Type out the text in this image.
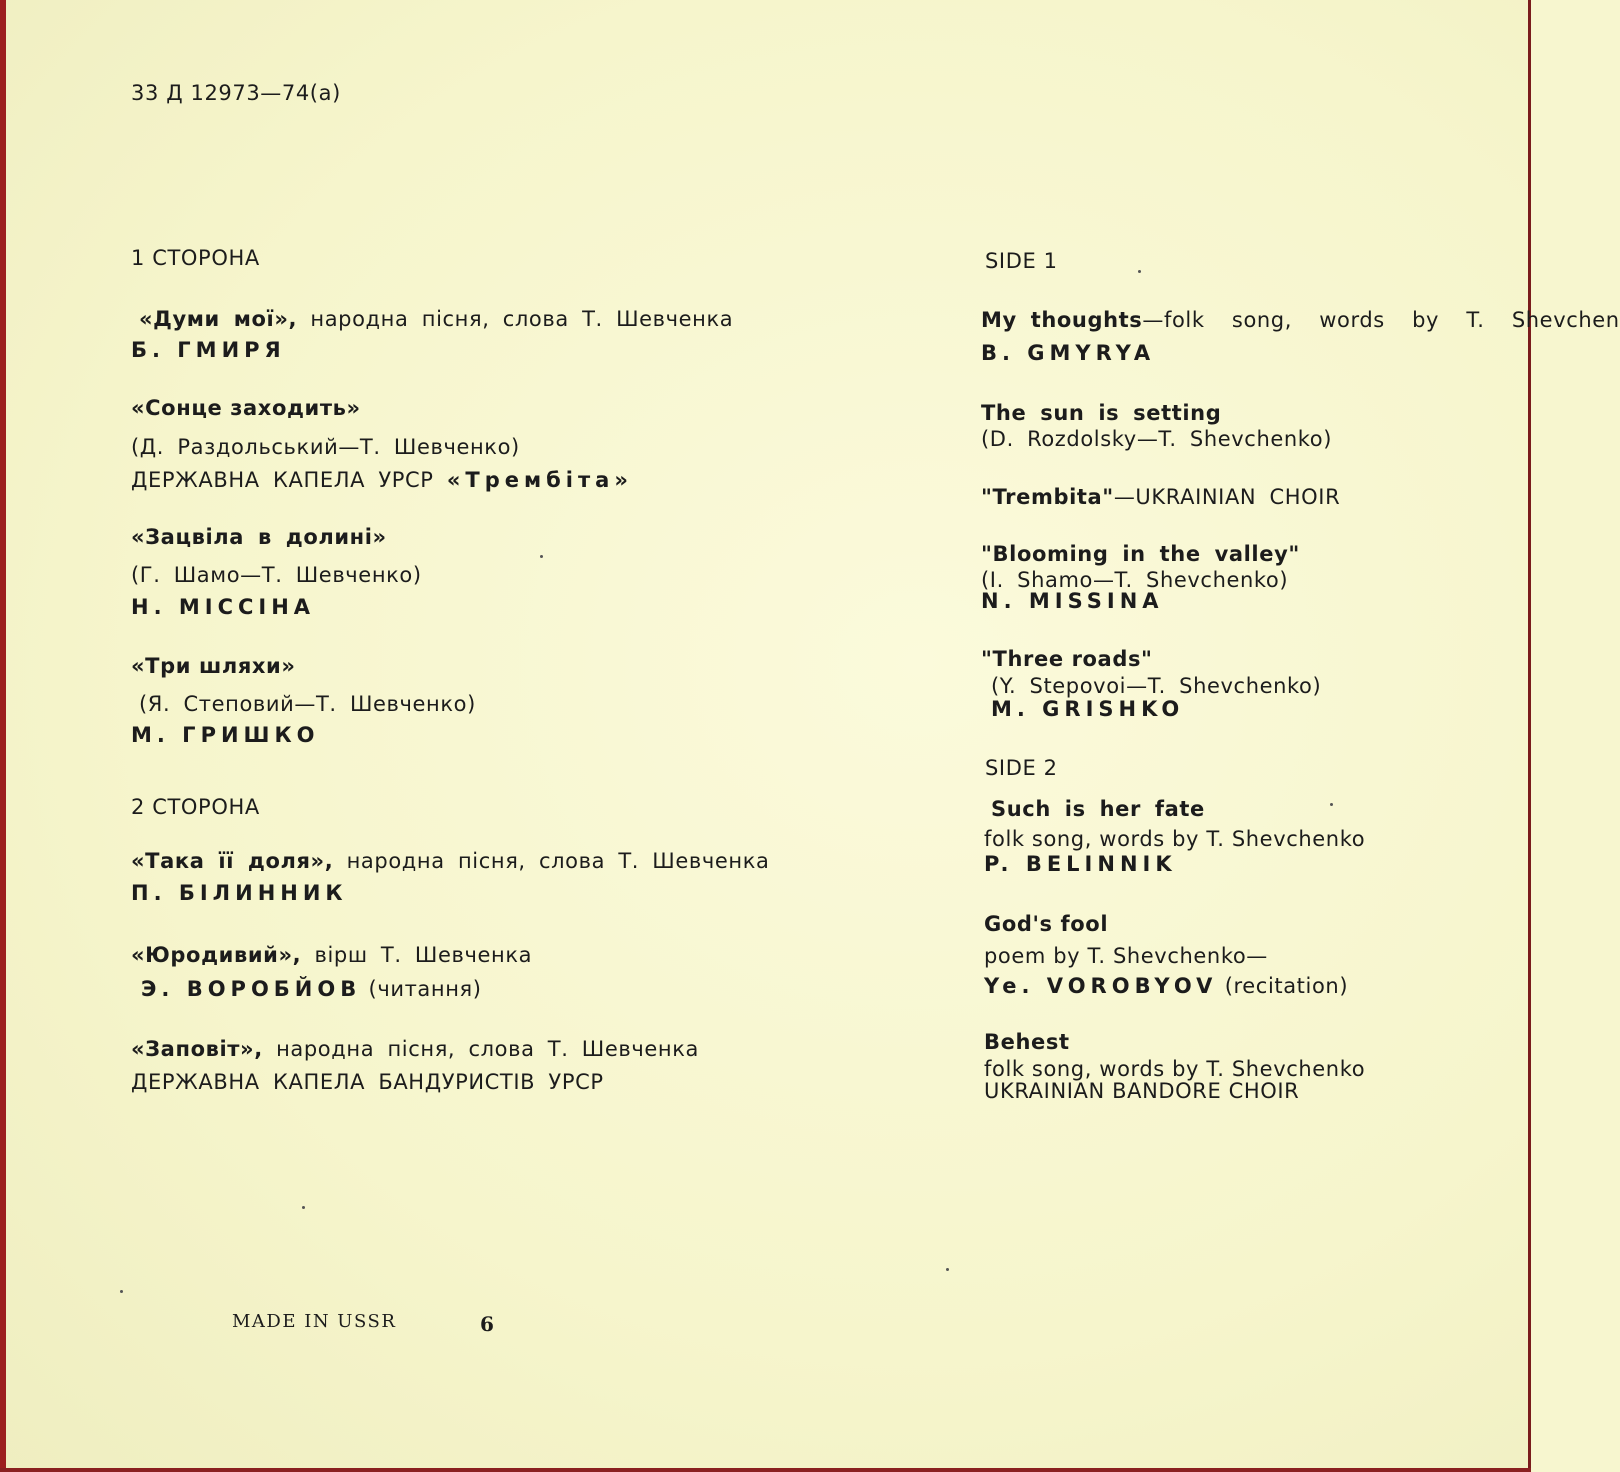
33 Д 12973—74(а)
1 СТОРОНА
«Думи мої», народна пісня, слова Т. Шевченка
Б. ГМИРЯ
«Сонце заходить»
(Д. Раздольський—Т. Шевченко)
ДЕРЖАВНА КАПЕЛА УРСР «Трембіта»
«Зацвіла в долині»
(Г. Шамо—Т. Шевченко)
Н. МІССІНА
«Три шляхи»
(Я. Степовий—Т. Шевченко)
М. ГРИШКО
2 СТОРОНА
«Така її доля», народна пісня, слова Т. Шевченка
П. БІЛИННИК
«Юродивий», вірш Т. Шевченка
Э. ВОРОБЙОВ (читання)
«Заповіт», народна пісня, слова Т. Шевченка
ДЕРЖАВНА КАПЕЛА БАНДУРИСТІВ УРСР
MADE IN USSR	6
SIDE 1
My thoughts—folk song, words by T. Shevchen
B. GMYRYA
The sun is setting
(D. Rozdolsky—T. Shevchenko)
"Trembita"—UKRAINIAN CHOIR
"Blooming in the valley"
(I. Shamo—T. Shevchenko)
N. MISSINA
"Three roads"
(Y. Stepovoi—T. Shevchenko)
M. GRISHKO
SIDE 2
Such is her fate
folk song, words by T. Shevchenko
P. BELINNIK
God's fool
poem by T. Shevchenko—
Ye. VOROBYOV (recitation)
Behest
folk song, words by T. Shevchenko
UKRAINIAN BANDORE CHOIR
